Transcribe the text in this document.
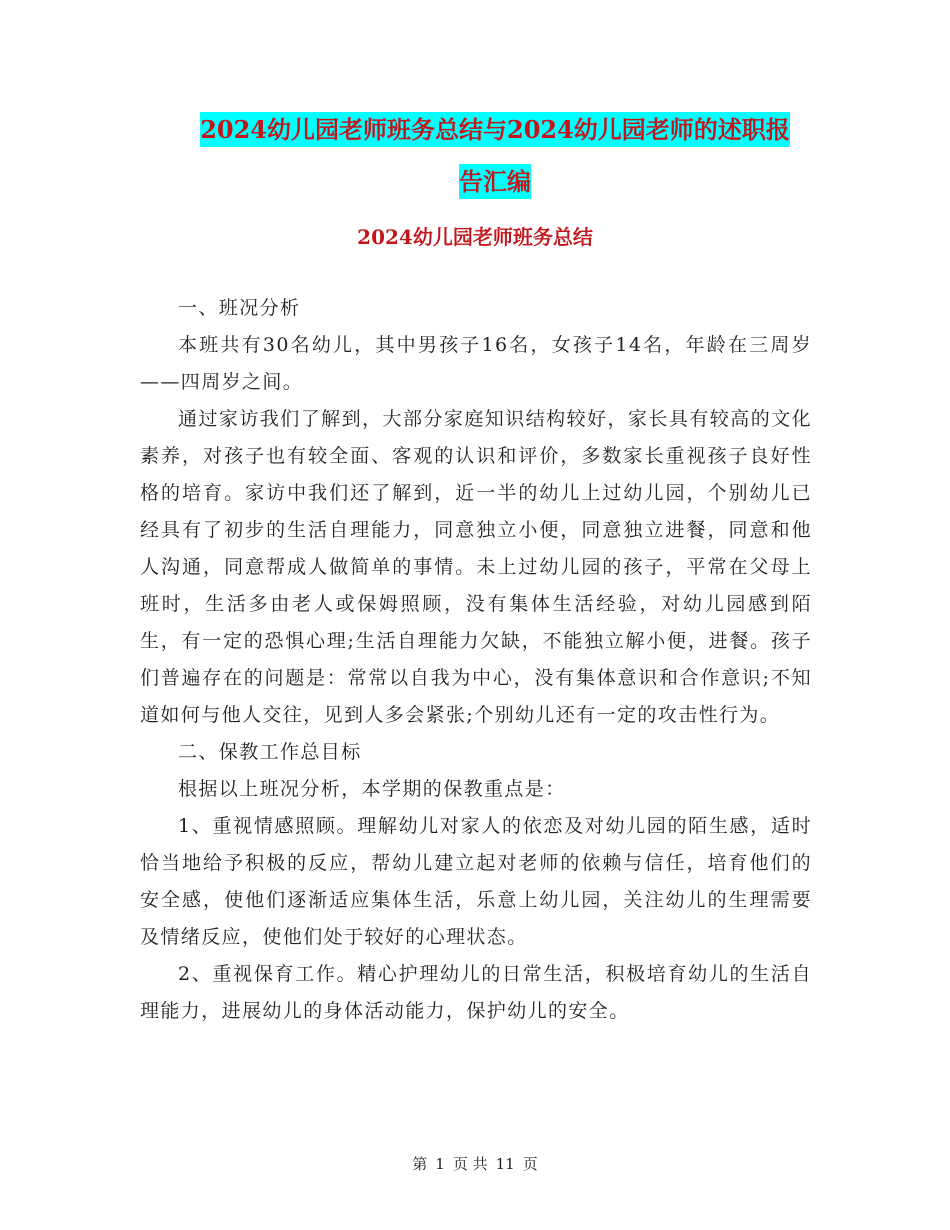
2024幼儿园老师班务总结与2024幼儿园老师的述职报
告汇编
2024幼儿园老师班务总结

一、班况分析

本班共有30名幼儿，其中男孩子16名，女孩子14名，年龄在三周岁——四周岁之间。

通过家访我们了解到，大部分家庭知识结构较好，家长具有较高的文化素养，对孩子也有较全面、客观的认识和评价，多数家长重视孩子良好性格的培育。家访中我们还了解到，近一半的幼儿上过幼儿园，个别幼儿已经具有了初步的生活自理能力，同意独立小便，同意独立进餐，同意和他人沟通，同意帮成人做简单的事情。未上过幼儿园的孩子，平常在父母上班时，生活多由老人或保姆照顾，没有集体生活经验，对幼儿园感到陌生，有一定的恐惧心理;生活自理能力欠缺，不能独立解小便，进餐。孩子们普遍存在的问题是：常常以自我为中心，没有集体意识和合作意识;不知道如何与他人交往，见到人多会紧张;个别幼儿还有一定的攻击性行为。

二、保教工作总目标

根据以上班况分析，本学期的保教重点是：

1、重视情感照顾。理解幼儿对家人的依恋及对幼儿园的陌生感，适时恰当地给予积极的反应，帮幼儿建立起对老师的依赖与信任，培育他们的安全感，使他们逐渐适应集体生活，乐意上幼儿园，关注幼儿的生理需要及情绪反应，使他们处于较好的心理状态。

2、重视保育工作。精心护理幼儿的日常生活，积极培育幼儿的生活自理能力，进展幼儿的身体活动能力，保护幼儿的安全。

第 1 页 共 11 页
